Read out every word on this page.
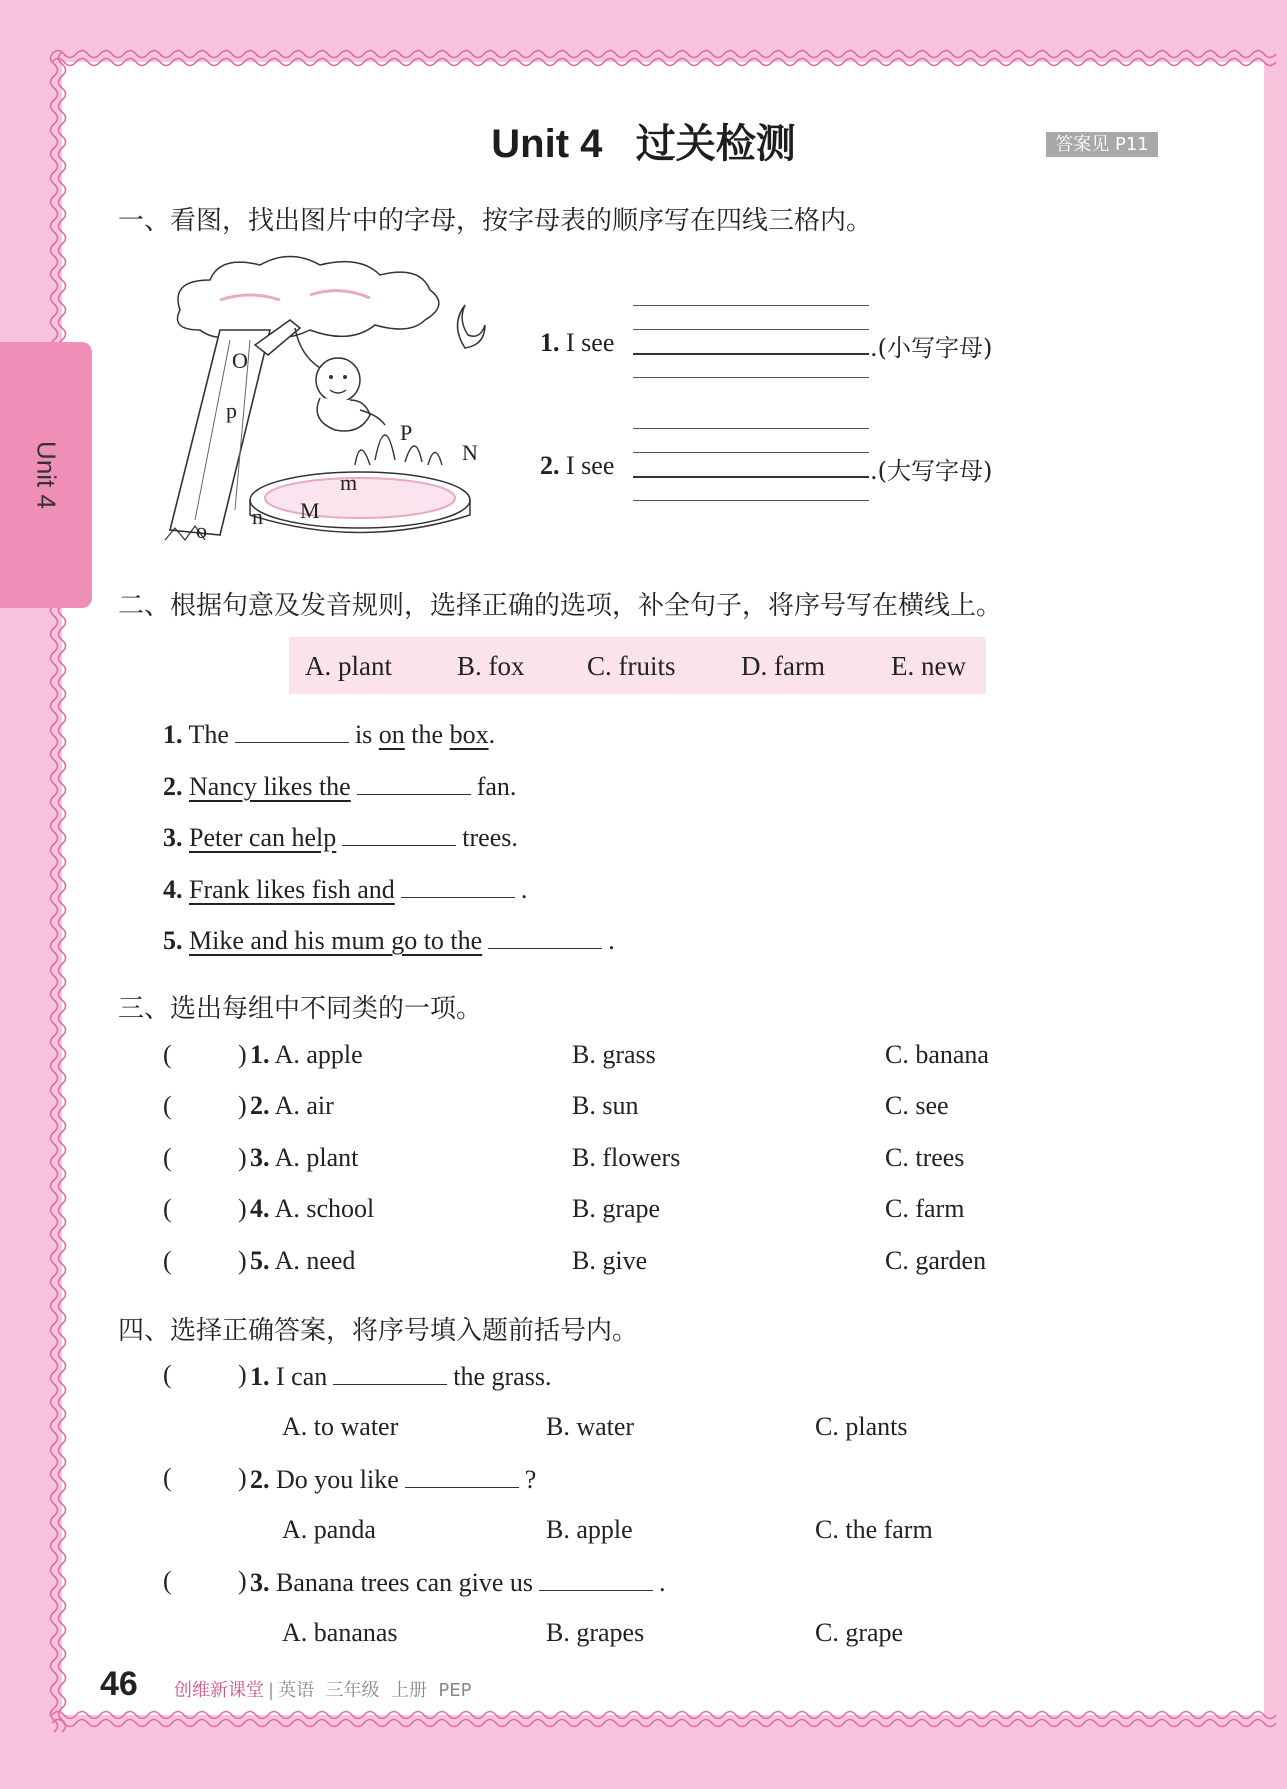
Unit 4
Unit 4   过关检测	答案见 P11
一、看图，找出图片中的字母，按字母表的顺序写在四线三格内。
O
p
P
N
m
M
n
o
1. I see	.(小写字母)
2. I see	.(大写字母)
二、根据句意及发音规则，选择正确的选项，补全句子，将序号写在横线上。
A. plant B. fox C. fruits D. farm E. new
1. The	is on the box.
2. Nancy likes the	fan.
3. Peter can help	trees.
4. Frank likes fish and	.
5. Mike and his mum go to the	.
三、选出每组中不同类的一项。
(	) 1. A. apple	B. grass	C. banana
(	) 2. A. air	B. sun	C. see
(	) 3. A. plant	B. flowers	C. trees
(	) 4. A. school	B. grape	C. farm
(	) 5. A. need	B. give	C. garden
四、选择正确答案，将序号填入题前括号内。
(	) 1. I can	the grass.
A. to water	B. water	C. plants
(	) 2. Do you like	?
A. panda	B. apple	C. the farm
(	) 3. Banana trees can give us	.
A. bananas	B. grapes	C. grape
46 创维新课堂 | 英语  三年级  上册  PEP
